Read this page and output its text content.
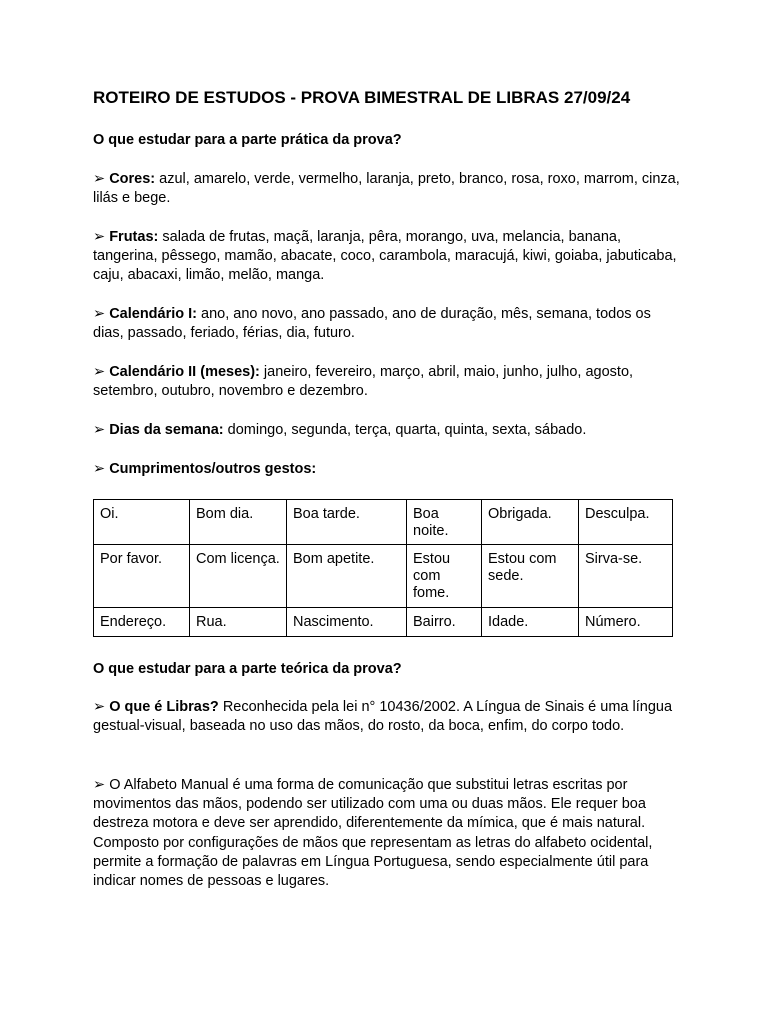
ROTEIRO DE ESTUDOS - PROVA BIMESTRAL DE LIBRAS 27/09/24
O que estudar para a parte prática da prova?
➢ Cores: azul, amarelo, verde, vermelho, laranja, preto, branco, rosa, roxo, marrom, cinza, lilás e bege.
➢ Frutas: salada de frutas, maçã, laranja, pêra, morango, uva, melancia, banana, tangerina, pêssego, mamão, abacate, coco, carambola, maracujá, kiwi, goiaba, jabuticaba, caju, abacaxi, limão, melão, manga.
➢ Calendário I: ano, ano novo, ano passado, ano de duração, mês, semana, todos os dias, passado, feriado, férias, dia, futuro.
➢ Calendário II (meses): janeiro, fevereiro, março, abril, maio, junho, julho, agosto, setembro, outubro, novembro e dezembro.
➢ Dias da semana: domingo, segunda, terça, quarta, quinta, sexta, sábado.
➢ Cumprimentos/outros gestos:
Oi.	Bom dia.	Boa tarde.	Boa noite.	Obrigada.	Desculpa.
Por favor.	Com licença.	Bom apetite.	Estou com fome.	Estou com sede.	Sirva-se.
Endereço.	Rua.	Nascimento.	Bairro.	Idade.	Número.
O que estudar para a parte teórica da prova?
➢ O que é Libras? Reconhecida pela lei n° 10436/2002. A Língua de Sinais é uma língua gestual-visual, baseada no uso das mãos, do rosto, da boca, enfim, do corpo todo.
➢ O Alfabeto Manual é uma forma de comunicação que substitui letras escritas por movimentos das mãos, podendo ser utilizado com uma ou duas mãos. Ele requer boa destreza motora e deve ser aprendido, diferentemente da mímica, que é mais natural. Composto por configurações de mãos que representam as letras do alfabeto ocidental, permite a formação de palavras em Língua Portuguesa, sendo especialmente útil para indicar nomes de pessoas e lugares.
